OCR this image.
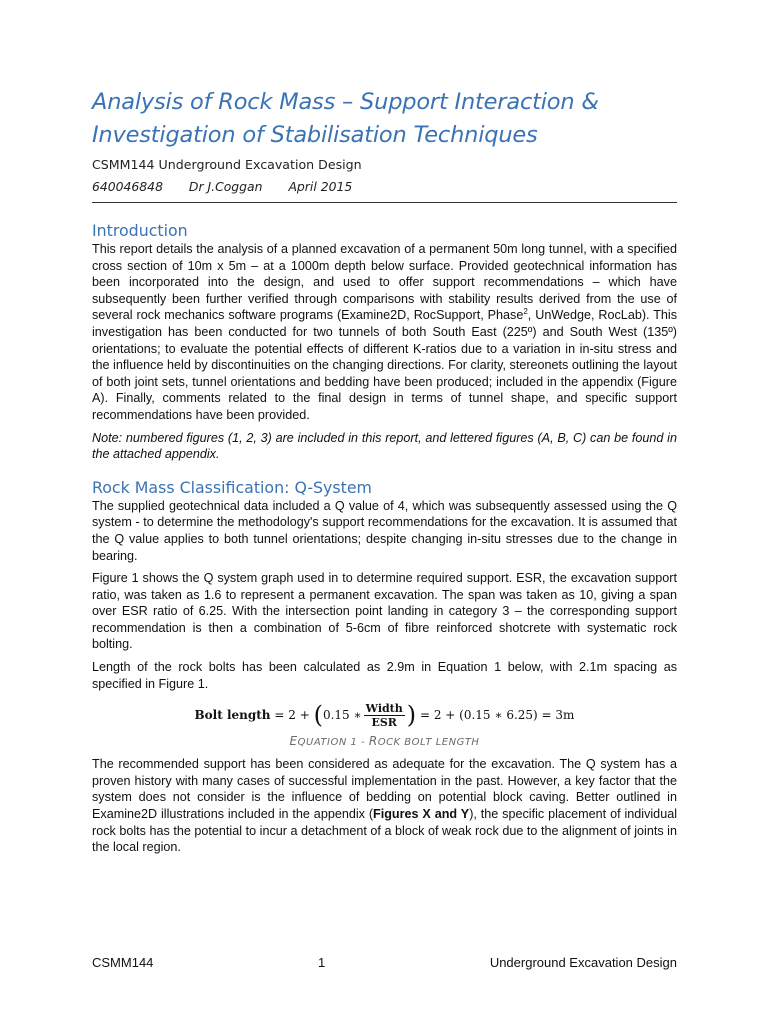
Analysis of Rock Mass – Support Interaction &
Investigation of Stabilisation Techniques
CSMM144 Underground Excavation Design
640046848 Dr J.Coggan April 2015
Introduction

This report details the analysis of a planned excavation of a permanent 50m long tunnel, with a specified cross section of 10m x 5m – at a 1000m depth below surface. Provided geotechnical information has been incorporated into the design, and used to offer support recommendations – which have subsequently been further verified through comparisons with stability results derived from the use of several rock mechanics software programs (Examine2D, RocSupport, Phase$^2$, UnWedge, RocLab). This investigation has been conducted for two tunnels of both South East (225º) and South West (135º) orientations; to evaluate the potential effects of different K-ratios due to a variation in in-situ stress and the influence held by discontinuities on the changing directions. For clarity, stereonets outlining the layout of both joint sets, tunnel orientations and bedding have been produced; included in the appendix (Figure A). Finally, comments related to the final design in terms of tunnel shape, and specific support recommendations have been provided.

Note: numbered figures (1, 2, 3) are included in this report, and lettered figures (A, B, C) can be found in the attached appendix.

Rock Mass Classification: Q-System

The supplied geotechnical data included a Q value of 4, which was subsequently assessed using the Q system - to determine the methodology's support recommendations for the excavation. It is assumed that the Q value applies to both tunnel orientations; despite changing in-situ stresses due to the change in bearing.

Figure 1 shows the Q system graph used in to determine required support. ESR, the excavation support ratio, was taken as 1.6 to represent a permanent excavation. The span was taken as 10, giving a span over ESR ratio of 6.25. With the intersection point landing in category 3 – the corresponding support recommendation is then a combination of 5-6cm of fibre reinforced shotcrete with systematic rock bolting.

Length of the rock bolts has been calculated as 2.9m in Equation 1 below, with 2.1m spacing as specified in Figure 1.

Bolt length
= 2 +
( 0.15 ∗ $\frac{\text{Width}}{\text{ESR}}$ )
= 2 + (0.15 ∗ 6.25) = 3m
EQUATION 1 - ROCK BOLT LENGTH

The recommended support has been considered as adequate for the excavation. The Q system has a proven history with many cases of successful implementation in the past. However, a key factor that the system does not consider is the influence of bedding on potential block caving. Better outlined in Examine2D illustrations included in the appendix (Figures X and Y), the specific placement of individual rock bolts has the potential to incur a detachment of a block of weak rock due to the alignment of joints in the local region.

CSMM144	1	Underground Excavation Design
